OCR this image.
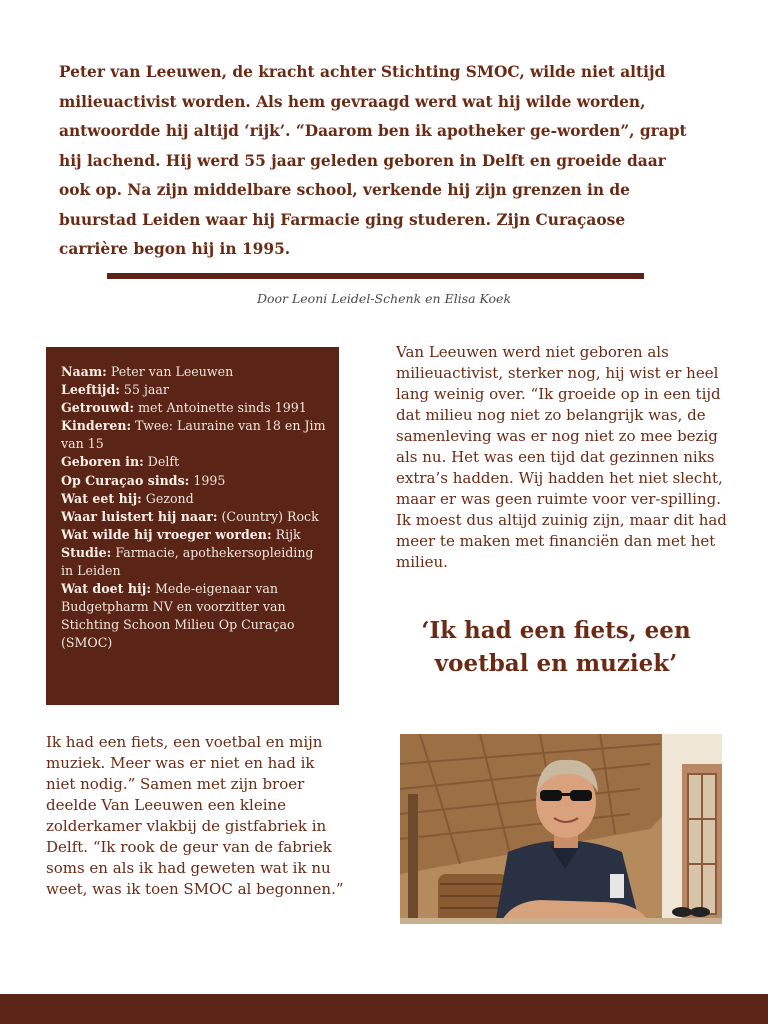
Peter van Leeuwen, de kracht achter Stichting SMOC, wilde niet altijd milieuactivist worden. Als hem gevraagd werd wat hij wilde worden, antwoordde hij altijd ‘rijk’. “Daarom ben ik apotheker ge-worden”, grapt hij lachend. Hij werd 55 jaar geleden geboren in Delft en groeide daar ook op. Na zijn middelbare school, verkende hij zijn grenzen in de buurstad Leiden waar hij Farmacie ging studeren. Zijn Curaçaose carrière begon hij in 1995.

Door Leoni Leidel-Schenk en Elisa Koek

Naam: Peter van Leeuwen

Leeftijd: 55 jaar

Getrouwd: met Antoinette sinds 1991

Kinderen: Twee: Lauraine van 18 en Jim van 15

Geboren in: Delft

Op Curaçao sinds: 1995

Wat eet hij: Gezond

Waar luistert hij naar: (Country) Rock

Wat wilde hij vroeger worden: Rijk

Studie: Farmacie, apothekersopleiding in Leiden

Wat doet hij: Mede-eigenaar van Budgetpharm NV en voorzitter van Stichting Schoon Milieu Op Curaçao (SMOC)

Van Leeuwen werd niet geboren als milieuactivist, sterker nog, hij wist er heel lang weinig over. “Ik groeide op in een tijd dat milieu nog niet zo belangrijk was, de samenleving was er nog niet zo mee bezig als nu. Het was een tijd dat gezinnen niks extra’s hadden. Wij hadden het niet slecht, maar er was geen ruimte voor ver-spilling. Ik moest dus altijd zuinig zijn, maar dit had meer te maken met financiën dan met het milieu.

‘Ik had een fiets, een voetbal en muziek’

Ik had een fiets, een voetbal en mijn muziek. Meer was er niet en had ik niet nodig.” Samen met zijn broer deelde Van Leeuwen een kleine zolderkamer vlakbij de gistfabriek in Delft. “Ik rook de geur van de fabriek soms en als ik had geweten wat ik nu weet, was ik toen SMOC al begonnen.”
